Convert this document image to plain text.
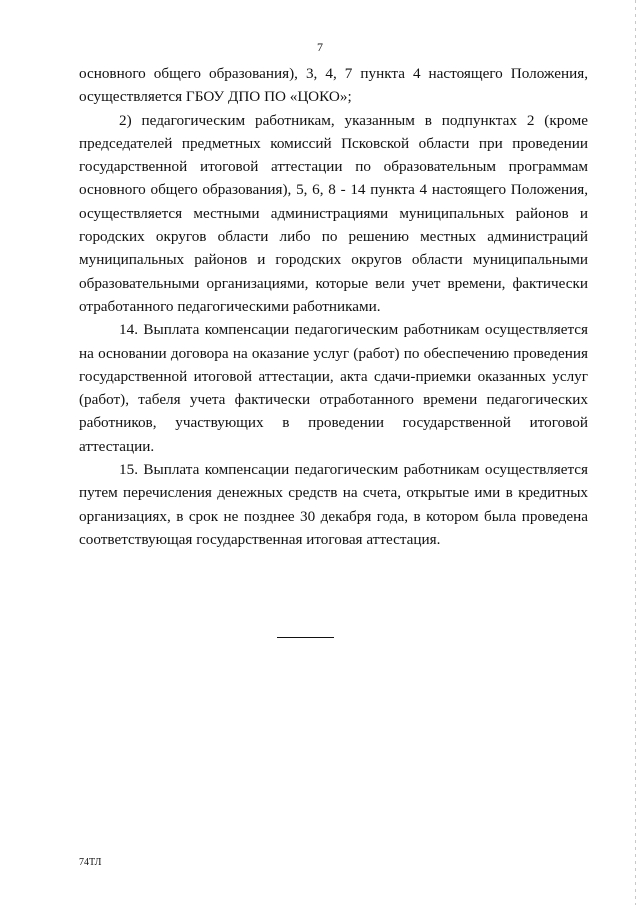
7

основного общего образования), 3, 4, 7 пункта 4 настоящего Положения, осуществляется ГБОУ ДПО ПО «ЦОКО»;

2) педагогическим работникам, указанным в подпунктах 2 (кроме председателей предметных комиссий Псковской области при проведении государственной итоговой аттестации по образовательным программам основного общего образования), 5, 6, 8 - 14 пункта 4 настоящего Положения, осуществляется местными администрациями муниципальных районов и городских округов области либо по решению местных администраций муниципальных районов и городских округов области муниципальными образовательными организациями, которые вели учет времени, фактически отработанного педагогическими работниками.

14. Выплата компенсации педагогическим работникам осуществляется на основании договора на оказание услуг (работ) по обеспечению проведения государственной итоговой аттестации, акта сдачи-приемки оказанных услуг (работ), табеля учета фактически отработанного времени педагогических работников, участвующих в проведении государственной итоговой аттестации.

15. Выплата компенсации педагогическим работникам осуществляется путем перечисления денежных средств на счета, открытые ими в кредитных организациях, в срок не позднее 30 декабря года, в котором была проведена соответствующая государственная итоговая аттестация.

74ТЛ
